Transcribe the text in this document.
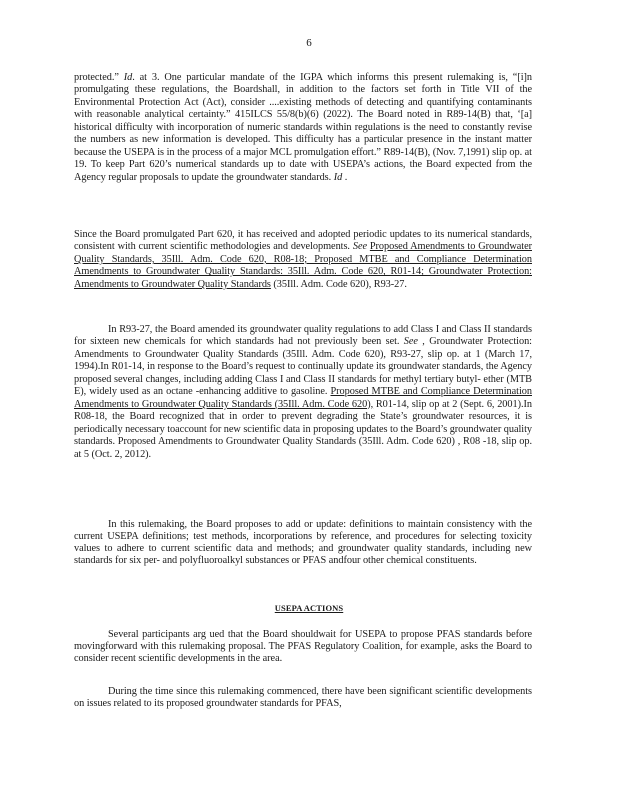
6

protected.” Id. at 3. One particular mandate of the IGPA which informs this present rulemaking is, “[i]n promulgating these regulations, the Boardshall, in addition to the factors set forth in Title VII of the Environmental Protection Act (Act), consider ....existing methods of detecting and quantifying contaminants with reasonable analytical certainty.” 415ILCS 55/8(b)(6) (2022). The Board noted in R89-14(B) that, ‘[a] historical difficulty with incorporation of numeric standards within regulations is the need to constantly revise the numbers as new information is developed. This difficulty has a particular presence in the instant matter because the USEPA is in the process of a major MCL promulgation effort.” R89-14(B), (Nov. 7,1991) slip op. at 19. To keep Part 620’s numerical standards up to date with USEPA’s actions, the Board expected from the Agency regular proposals to update the groundwater standards. Id .

Since the Board promulgated Part 620, it has received and adopted periodic updates to its numerical standards, consistent with current scientific methodologies and developments. See Proposed Amendments to Groundwater Quality Standards, 35Ill. Adm. Code 620, R08-18; Proposed MTBE and Compliance Determination Amendments to Groundwater Quality Standards: 35Ill. Adm. Code 620, R01-14; Groundwater Protection: Amendments to Groundwater Quality Standards (35Ill. Adm. Code 620), R93-27.

In R93-27, the Board amended its groundwater quality regulations to add Class I and Class II standards for sixteen new chemicals for which standards had not previously been set. See , Groundwater Protection: Amendments to Groundwater Quality Standards (35Ill. Adm. Code 620), R93-27, slip op. at 1 (March 17, 1994).In R01-14, in response to the Board’s request to continually update its groundwater standards, the Agency proposed several changes, including adding Class I and Class II standards for methyl tertiary butyl- ether (MTB E), widely used as an octane -enhancing additive to gasoline. Proposed MTBE and Compliance Determination Amendments to Groundwater Quality Standards (35Ill. Adm. Code 620), R01-14, slip op at 2 (Sept. 6, 2001).In R08-18, the Board recognized that in order to prevent degrading the State’s groundwater resources, it is periodically necessary toaccount for new scientific data in proposing updates to the Board’s groundwater quality standards. Proposed Amendments to Groundwater Quality Standards (35Ill. Adm. Code 620) , R08 -18, slip op. at 5 (Oct. 2, 2012).

In this rulemaking, the Board proposes to add or update: definitions to maintain consistency with the current USEPA definitions; test methods, incorporations by reference, and procedures for selecting toxicity values to adhere to current scientific data and methods; and groundwater quality standards, including new standards for six per- and polyfluoroalkyl substances or PFAS andfour other chemical constituents.

USEPA ACTIONS

Several participants arg ued that the Board shouldwait for USEPA to propose PFAS standards before movingforward with this rulemaking proposal. The PFAS Regulatory Coalition, for example, asks the Board to consider recent scientific developments in the area.

During the time since this rulemaking commenced, there have been significant scientific developments on issues related to its proposed groundwater standards for PFAS,
